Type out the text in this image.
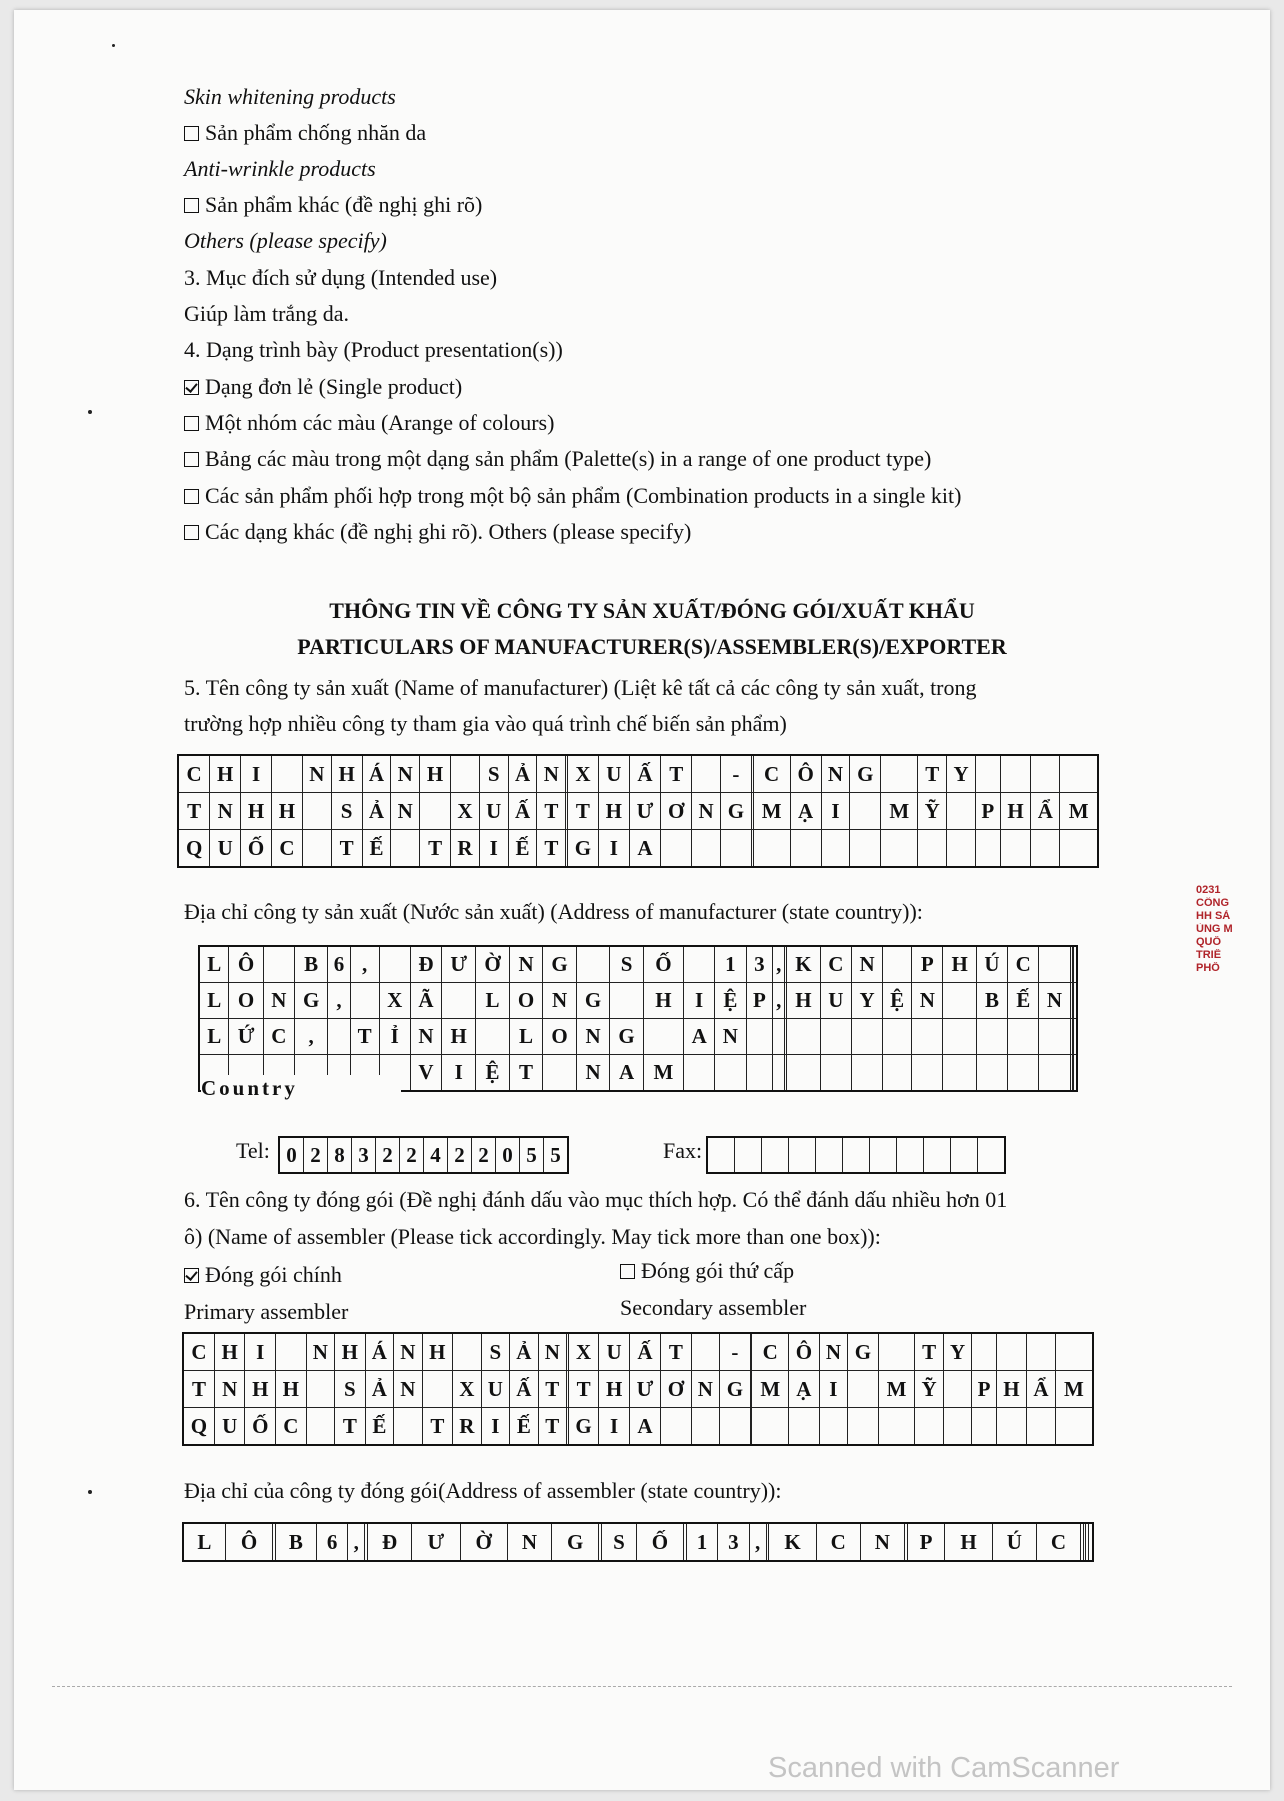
Skin whitening products
Sản phẩm chống nhăn da
Anti-wrinkle products
Sản phẩm khác (đề nghị ghi rõ)
Others (please specify)
3. Mục đích sử dụng (Intended use)
Giúp làm trắng da.
4. Dạng trình bày (Product presentation(s))
Dạng đơn lẻ (Single product)
Một nhóm các màu (Arange of colours)
Bảng các màu trong một dạng sản phẩm (Palette(s) in a range of one product type)
Các sản phẩm phối hợp trong một bộ sản phẩm (Combination products in a single kit)
Các dạng khác (đề nghị ghi rõ). Others (please specify)
5. Tên công ty sản xuất (Name of manufacturer) (Liệt kê tất cả các công ty sản xuất, trong
trường hợp nhiều công ty tham gia vào quá trình chế biến sản phẩm)
Địa chỉ công ty sản xuất (Nước sản xuất) (Address of manufacturer (state country)):
6. Tên công ty đóng gói (Đề nghị đánh dấu vào mục thích hợp. Có thể đánh dấu nhiều hơn 01
ô) (Name of assembler (Please tick accordingly. May tick more than one box)):
Đóng gói chính
Primary assembler
Địa chỉ của công ty đóng gói(Address of assembler (state country)):
Đóng gói thứ cấp
Secondary assembler
THÔNG TIN VỀ CÔNG TY SẢN XUẤT/ĐÓNG GÓI/XUẤT KHẨU
PARTICULARS OF MANUFACTURER(S)/ASSEMBLER(S)/EXPORTER
C	H	I		N	H	Á	N	H		S	Ả	N		X	U	Ấ	T		-		C	Ô	N	G		T	Y				
T	N	H	H		S	Ả	N		X	U	Ấ	T		T	H	Ư	Ơ	N	G		M	Ạ	I		M	Ỹ		P	H	Ẩ	M
Q	U	Ố	C		T	Ế		T	R	I	Ế	T		G	I	A															
L	Ô		B	6	,		Đ	Ư	Ờ	N	G		S	Ố		1	3	,		K	C	N		P	H	Ú	C				
L	O	N	G	,		X	Ã		L	O	N	G		H	I	Ệ	P	,		H	U	Y	Ệ	N		B	Ế	N			
L	Ứ	C	,		T	Ỉ	N	H		L	O	N	G		A	N															
							V	I	Ệ	T		N	A	M																	
Country
Tel: 0	2	8	3	2	2	4	2	2	0	5	5	Fax:

C	H	I		N	H	Á	N	H		S	Ả	N		X	U	Ấ	T		-		C	Ô	N	G		T	Y				
T	N	H	H		S	Ả	N		X	U	Ấ	T		T	H	Ư	Ơ	N	G		M	Ạ	I		M	Ỹ		P	H	Ẩ	M
Q	U	Ố	C		T	Ế		T	R	I	Ế	T		G	I	A															
L	Ô		B	6	,		Đ	Ư	Ờ	N	G		S	Ố		1	3	,		K	C	N		P	H	Ú	C				
0231
CÔNG
HH SẢ
ÙNG M
QUỐ
TRIẾ
PHỐ
Scanned with CamScanner
